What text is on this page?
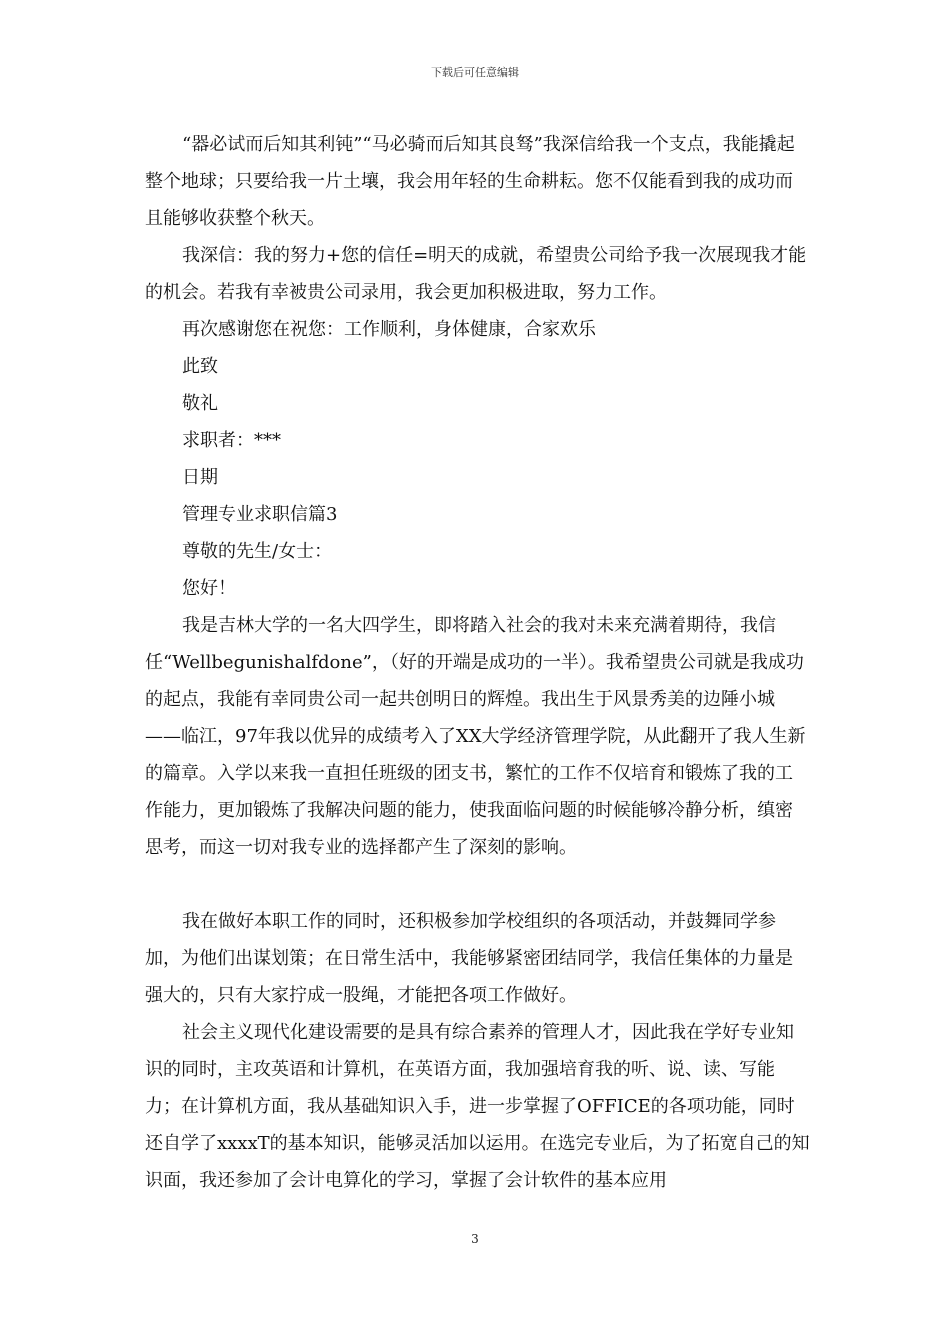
下载后可任意编辑

“器必试而后知其利钝”“马必骑而后知其良驽”我深信给我一个支点，我能撬起整个地球；只要给我一片土壤，我会用年轻的生命耕耘。您不仅能看到我的成功而且能够收获整个秋天。

我深信：我的努力+您的信任=明天的成就，希望贵公司给予我一次展现我才能的机会。若我有幸被贵公司录用，我会更加积极进取，努力工作。

再次感谢您在祝您：工作顺利，身体健康，合家欢乐

此致

敬礼

求职者：***

日期

管理专业求职信篇3

尊敬的先生/女士：

您好！

我是吉林大学的一名大四学生，即将踏入社会的我对未来充满着期待，我信任“Wellbegunishalfdone”，（好的开端是成功的一半）。我希望贵公司就是我成功的起点，我能有幸同贵公司一起共创明日的辉煌。我出生于风景秀美的边陲小城——临江，97年我以优异的成绩考入了XX大学经济管理学院，从此翻开了我人生新的篇章。入学以来我一直担任班级的团支书，繁忙的工作不仅培育和锻炼了我的工作能力，更加锻炼了我解决问题的能力，使我面临问题的时候能够冷静分析，缜密思考，而这一切对我专业的选择都产生了深刻的影响。

我在做好本职工作的同时，还积极参加学校组织的各项活动，并鼓舞同学参加，为他们出谋划策；在日常生活中，我能够紧密团结同学，我信任集体的力量是强大的，只有大家拧成一股绳，才能把各项工作做好。

社会主义现代化建设需要的是具有综合素养的管理人才，因此我在学好专业知识的同时，主攻英语和计算机，在英语方面，我加强培育我的听、说、读、写能力；在计算机方面，我从基础知识入手，进一步掌握了OFFICE的各项功能，同时还自学了xxxxT的基本知识，能够灵活加以运用。在选完专业后，为了拓宽自己的知识面，我还参加了会计电算化的学习，掌握了会计软件的基本应用

3
